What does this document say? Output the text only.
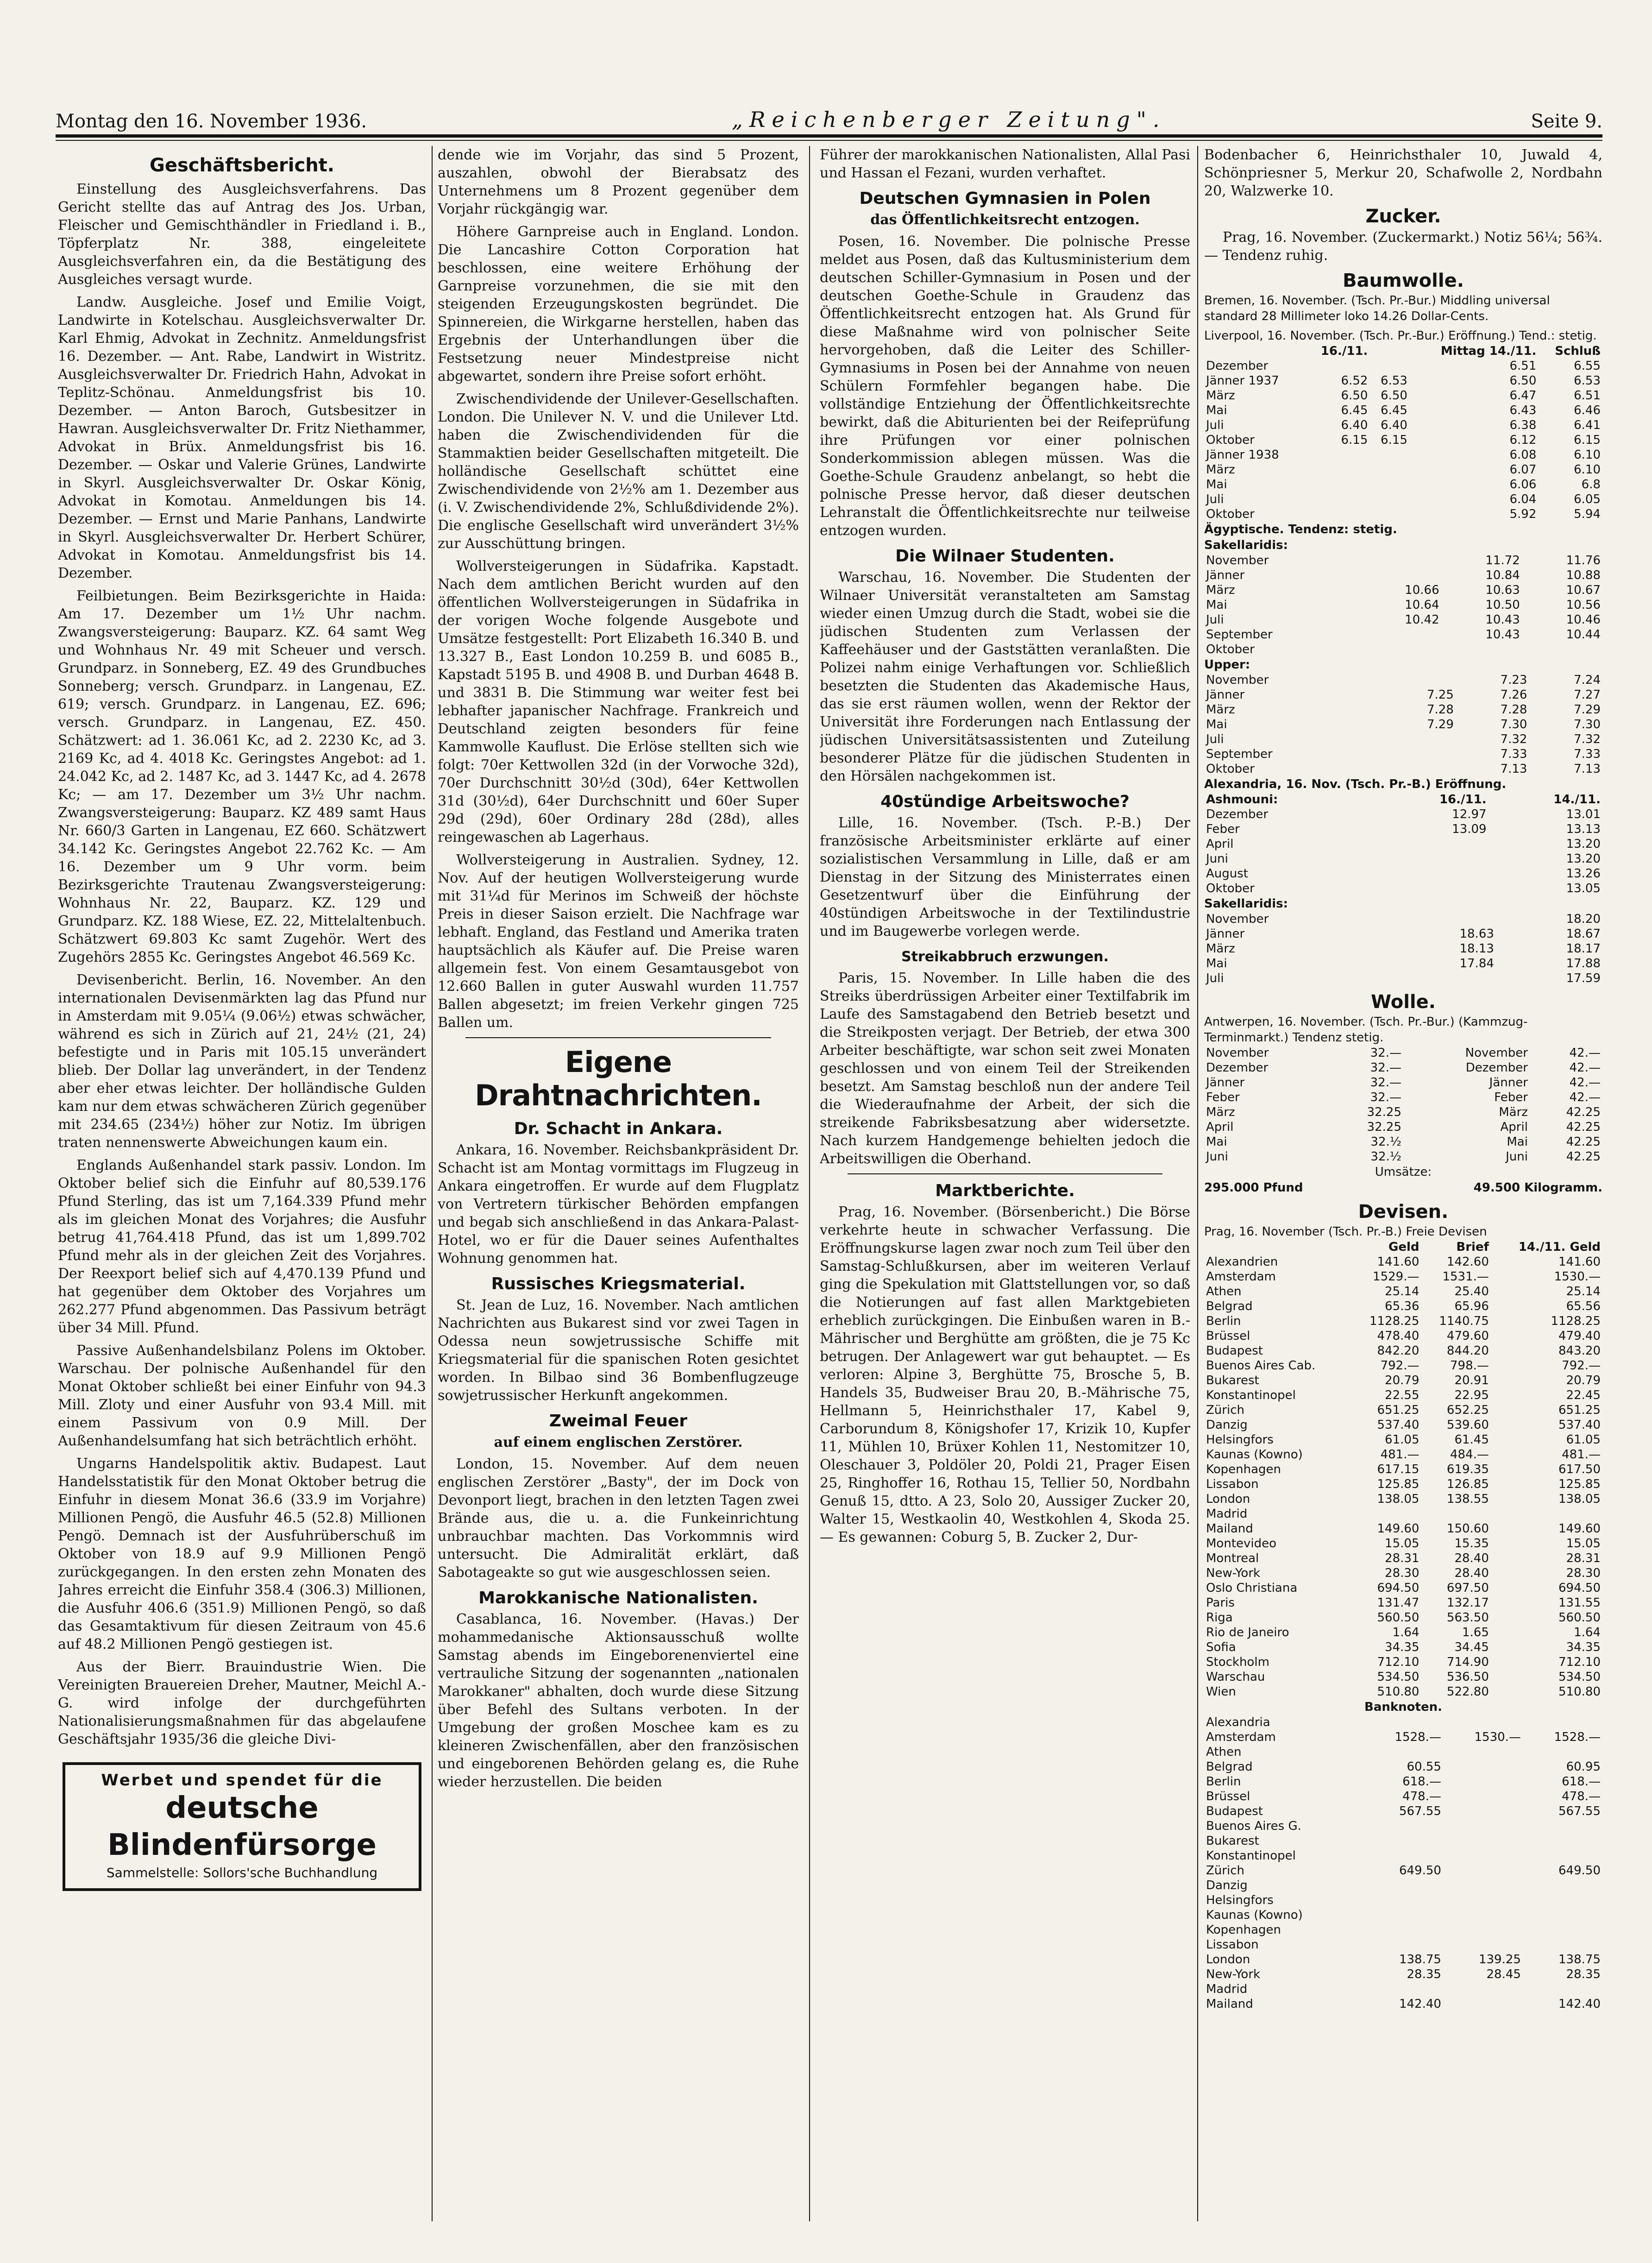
Montag den 16. November 1936.	„Reichenberger Zeitung".	Seite 9.
Geschäftsbericht.

Einstellung des Ausgleichsverfahrens. Das Gericht stellte das auf Antrag des Jos. Urban, Fleischer und Gemischthändler in Friedland i. B., Töpferplatz Nr. 388, eingeleitete Ausgleichsverfahren ein, da die Bestätigung des Ausgleiches versagt wurde.

Landw. Ausgleiche. Josef und Emilie Voigt, Landwirte in Kotelschau. Ausgleichsverwalter Dr. Karl Ehmig, Advokat in Zechnitz. Anmeldungsfrist 16. Dezember. — Ant. Rabe, Landwirt in Wistritz. Ausgleichsverwalter Dr. Friedrich Hahn, Advokat in Teplitz-Schönau. Anmeldungsfrist bis 10. Dezember. — Anton Baroch, Gutsbesitzer in Hawran. Ausgleichsverwalter Dr. Fritz Niethammer, Advokat in Brüx. Anmeldungsfrist bis 16. Dezember. — Oskar und Valerie Grünes, Landwirte in Skyrl. Ausgleichsverwalter Dr. Oskar König, Advokat in Komotau. Anmeldungen bis 14. Dezember. — Ernst und Marie Panhans, Landwirte in Skyrl. Ausgleichsverwalter Dr. Herbert Schürer, Advokat in Komotau. Anmeldungsfrist bis 14. Dezember.

Feilbietungen. Beim Bezirksgerichte in Haida: Am 17. Dezember um 1½ Uhr nachm. Zwangsversteigerung: Bauparz. KZ. 64 samt Weg und Wohnhaus Nr. 49 mit Scheuer und versch. Grundparz. in Sonneberg, EZ. 49 des Grundbuches Sonneberg; versch. Grundparz. in Langenau, EZ. 619; versch. Grundparz. in Langenau, EZ. 696; versch. Grundparz. in Langenau, EZ. 450. Schätzwert: ad 1. 36.061 Kc, ad 2. 2230 Kc, ad 3. 2169 Kc, ad 4. 4018 Kc. Geringstes Angebot: ad 1. 24.042 Kc, ad 2. 1487 Kc, ad 3. 1447 Kc, ad 4. 2678 Kc; — am 17. Dezember um 3½ Uhr nachm. Zwangsversteigerung: Bauparz. KZ 489 samt Haus Nr. 660/3 Garten in Langenau, EZ 660. Schätzwert 34.142 Kc. Geringstes Angebot 22.762 Kc. — Am 16. Dezember um 9 Uhr vorm. beim Bezirksgerichte Trautenau Zwangsversteigerung: Wohnhaus Nr. 22, Bauparz. KZ. 129 und Grundparz. KZ. 188 Wiese, EZ. 22, Mittelaltenbuch. Schätzwert 69.803 Kc samt Zugehör. Wert des Zugehörs 2855 Kc. Geringstes Angebot 46.569 Kc.

Devisenbericht. Berlin, 16. November. An den internationalen Devisenmärkten lag das Pfund nur in Amsterdam mit 9.05¼ (9.06½) etwas schwächer, während es sich in Zürich auf 21, 24½ (21, 24) befestigte und in Paris mit 105.15 unverändert blieb. Der Dollar lag unverändert, in der Tendenz aber eher etwas leichter. Der holländische Gulden kam nur dem etwas schwächeren Zürich gegenüber mit 234.65 (234½) höher zur Notiz. Im übrigen traten nennenswerte Abweichungen kaum ein.

Englands Außenhandel stark passiv. London. Im Oktober belief sich die Einfuhr auf 80,539.176 Pfund Sterling, das ist um 7,164.339 Pfund mehr als im gleichen Monat des Vorjahres; die Ausfuhr betrug 41,764.418 Pfund, das ist um 1,899.702 Pfund mehr als in der gleichen Zeit des Vorjahres. Der Reexport belief sich auf 4,470.139 Pfund und hat gegenüber dem Oktober des Vorjahres um 262.277 Pfund abgenommen. Das Passivum beträgt über 34 Mill. Pfund.

Passive Außenhandelsbilanz Polens im Oktober. Warschau. Der polnische Außenhandel für den Monat Oktober schließt bei einer Einfuhr von 94.3 Mill. Zloty und einer Ausfuhr von 93.4 Mill. mit einem Passivum von 0.9 Mill. Der Außenhandelsumfang hat sich beträchtlich erhöht.

Ungarns Handelspolitik aktiv. Budapest. Laut Handelsstatistik für den Monat Oktober betrug die Einfuhr in diesem Monat 36.6 (33.9 im Vorjahre) Millionen Pengö, die Ausfuhr 46.5 (52.8) Millionen Pengö. Demnach ist der Ausfuhrüberschuß im Oktober von 18.9 auf 9.9 Millionen Pengö zurückgegangen. In den ersten zehn Monaten des Jahres erreicht die Einfuhr 358.4 (306.3) Millionen, die Ausfuhr 406.6 (351.9) Millionen Pengö, so daß das Gesamtaktivum für diesen Zeitraum von 45.6 auf 48.2 Millionen Pengö gestiegen ist.

Aus der Bierr. Brauindustrie Wien. Die Vereinigten Brauereien Dreher, Mautner, Meichl A.-G. wird infolge der durchgeführten Nationalisierungsmaßnahmen für das abgelaufene Geschäftsjahr 1935/36 die gleiche Divi-

Werbet und spendet für die
deutsche Blindenfürsorge
Sammelstelle: Sollors'sche Buchhandlung

dende wie im Vorjahr, das sind 5 Prozent, auszahlen, obwohl der Bierabsatz des Unternehmens um 8 Prozent gegenüber dem Vorjahr rückgängig war.

Höhere Garnpreise auch in England. London. Die Lancashire Cotton Corporation hat beschlossen, eine weitere Erhöhung der Garnpreise vorzunehmen, die sie mit den steigenden Erzeugungskosten begründet. Die Spinnereien, die Wirkgarne herstellen, haben das Ergebnis der Unterhandlungen über die Festsetzung neuer Mindestpreise nicht abgewartet, sondern ihre Preise sofort erhöht.

Zwischendividende der Unilever-Gesellschaften. London. Die Unilever N. V. und die Unilever Ltd. haben die Zwischendividenden für die Stammaktien beider Gesellschaften mitgeteilt. Die holländische Gesellschaft schüttet eine Zwischendividende von 2½% am 1. Dezember aus (i. V. Zwischendividende 2%, Schlußdividende 2%). Die englische Gesellschaft wird unverändert 3½% zur Ausschüttung bringen.

Wollversteigerungen in Südafrika. Kapstadt. Nach dem amtlichen Bericht wurden auf den öffentlichen Wollversteigerungen in Südafrika in der vorigen Woche folgende Ausgebote und Umsätze festgestellt: Port Elizabeth 16.340 B. und 13.327 B., East London 10.259 B. und 6085 B., Kapstadt 5195 B. und 4908 B. und Durban 4648 B. und 3831 B. Die Stimmung war weiter fest bei lebhafter japanischer Nachfrage. Frankreich und Deutschland zeigten besonders für feine Kammwolle Kauflust. Die Erlöse stellten sich wie folgt: 70er Kettwollen 32d (in der Vorwoche 32d), 70er Durchschnitt 30½d (30d), 64er Kettwollen 31d (30½d), 64er Durchschnitt und 60er Super 29d (29d), 60er Ordinary 28d (28d), alles reingewaschen ab Lagerhaus.

Wollversteigerung in Australien. Sydney, 12. Nov. Auf der heutigen Wollversteigerung wurde mit 31¼d für Merinos im Schweiß der höchste Preis in dieser Saison erzielt. Die Nachfrage war lebhaft. England, das Festland und Amerika traten hauptsächlich als Käufer auf. Die Preise waren allgemein fest. Von einem Gesamtausgebot von 12.660 Ballen in guter Auswahl wurden 11.757 Ballen abgesetzt; im freien Verkehr gingen 725 Ballen um.

Eigene Drahtnachrichten.
Dr. Schacht in Ankara.

Ankara, 16. November. Reichsbankpräsident Dr. Schacht ist am Montag vormittags im Flugzeug in Ankara eingetroffen. Er wurde auf dem Flugplatz von Vertretern türkischer Behörden empfangen und begab sich anschließend in das Ankara-Palast-Hotel, wo er für die Dauer seines Aufenthaltes Wohnung genommen hat.

Russisches Kriegsmaterial.

St. Jean de Luz, 16. November. Nach amtlichen Nachrichten aus Bukarest sind vor zwei Tagen in Odessa neun sowjetrussische Schiffe mit Kriegsmaterial für die spanischen Roten gesichtet worden. In Bilbao sind 36 Bombenflugzeuge sowjetrussischer Herkunft angekommen.

Zweimal Feuer
auf einem englischen Zerstörer.

London, 15. November. Auf dem neuen englischen Zerstörer „Basty", der im Dock von Devonport liegt, brachen in den letzten Tagen zwei Brände aus, die u. a. die Funkeinrichtung unbrauchbar machten. Das Vorkommnis wird untersucht. Die Admiralität erklärt, daß Sabotageakte so gut wie ausgeschlossen seien.

Marokkanische Nationalisten.

Casablanca, 16. November. (Havas.) Der mohammedanische Aktionsausschuß wollte Samstag abends im Eingeborenenviertel eine vertrauliche Sitzung der sogenannten „nationalen Marokkaner" abhalten, doch wurde diese Sitzung über Befehl des Sultans verboten. In der Umgebung der großen Moschee kam es zu kleineren Zwischenfällen, aber den französischen und eingeborenen Behörden gelang es, die Ruhe wieder herzustellen. Die beiden

Führer der marokkanischen Nationalisten, Allal Pasi und Hassan el Fezani, wurden verhaftet.

Deutschen Gymnasien in Polen
das Öffentlichkeitsrecht entzogen.

Posen, 16. November. Die polnische Presse meldet aus Posen, daß das Kultusministerium dem deutschen Schiller-Gymnasium in Posen und der deutschen Goethe-Schule in Graudenz das Öffentlichkeitsrecht entzogen hat. Als Grund für diese Maßnahme wird von polnischer Seite hervorgehoben, daß die Leiter des Schiller-Gymnasiums in Posen bei der Annahme von neuen Schülern Formfehler begangen habe. Die vollständige Entziehung der Öffentlichkeitsrechte bewirkt, daß die Abiturienten bei der Reifeprüfung ihre Prüfungen vor einer polnischen Sonderkommission ablegen müssen. Was die Goethe-Schule Graudenz anbelangt, so hebt die polnische Presse hervor, daß dieser deutschen Lehranstalt die Öffentlichkeitsrechte nur teilweise entzogen wurden.

Die Wilnaer Studenten.

Warschau, 16. November. Die Studenten der Wilnaer Universität veranstalteten am Samstag wieder einen Umzug durch die Stadt, wobei sie die jüdischen Studenten zum Verlassen der Kaffeehäuser und der Gaststätten veranlaßten. Die Polizei nahm einige Verhaftungen vor. Schließlich besetzten die Studenten das Akademische Haus, das sie erst räumen wollen, wenn der Rektor der Universität ihre Forderungen nach Entlassung der jüdischen Universitätsassistenten und Zuteilung besonderer Plätze für die jüdischen Studenten in den Hörsälen nachgekommen ist.

40stündige Arbeitswoche?

Lille, 16. November. (Tsch. P.-B.) Der französische Arbeitsminister erklärte auf einer sozialistischen Versammlung in Lille, daß er am Dienstag in der Sitzung des Ministerrates einen Gesetzentwurf über die Einführung der 40stündigen Arbeitswoche in der Textilindustrie und im Baugewerbe vorlegen werde.

Streikabbruch erzwungen.

Paris, 15. November. In Lille haben die des Streiks überdrüssigen Arbeiter einer Textilfabrik im Laufe des Samstagabend den Betrieb besetzt und die Streikposten verjagt. Der Betrieb, der etwa 300 Arbeiter beschäftigte, war schon seit zwei Monaten geschlossen und von einem Teil der Streikenden besetzt. Am Samstag beschloß nun der andere Teil die Wiederaufnahme der Arbeit, der sich die streikende Fabriksbesatzung aber widersetzte. Nach kurzem Handgemenge behielten jedoch die Arbeitswilligen die Oberhand.

Marktberichte.

Prag, 16. November. (Börsenbericht.) Die Börse verkehrte heute in schwacher Verfassung. Die Eröffnungskurse lagen zwar noch zum Teil über den Samstag-Schlußkursen, aber im weiteren Verlauf ging die Spekulation mit Glattstellungen vor, so daß die Notierungen auf fast allen Marktgebieten erheblich zurückgingen. Die Einbußen waren in B.-Mährischer und Berghütte am größten, die je 75 Kc betrugen. Der Anlagewert war gut behauptet. — Es verloren: Alpine 3, Berghütte 75, Brosche 5, B. Handels 35, Budweiser Brau 20, B.-Mährische 75, Hellmann 5, Heinrichsthaler 17, Kabel 9, Carborundum 8, Königshofer 17, Krizik 10, Kupfer 11, Mühlen 10, Brüxer Kohlen 11, Nestomitzer 10, Oleschauer 3, Poldöler 20, Poldi 21, Prager Eisen 25, Ringhoffer 16, Rothau 15, Tellier 50, Nordbahn Genuß 15, dtto. A 23, Solo 20, Aussiger Zucker 20, Walter 15, Westkaolin 40, Westkohlen 4, Skoda 25. — Es gewannen: Coburg 5, B. Zucker 2, Dur-

Bodenbacher 6, Heinrichsthaler 10, Juwald 4, Schönpriesner 5, Merkur 20, Schafwolle 2, Nordbahn 20, Walzwerke 10.

Zucker.

Prag, 16. November. (Zuckermarkt.) Notiz 56¼; 56¾. — Tendenz ruhig.

Baumwolle.
Bremen, 16. November. (Tsch. Pr.-Bur.) Middling universal standard 28 Millimeter loko 14.26 Dollar-Cents.
Liverpool, 16. November. (Tsch. Pr.-Bur.) Eröffnung.) Tend.: stetig.
	16./11.		Mittag 14./11.	Schluß
Dezember			6.51	6.55
Jänner 1937	6.52	6.53	6.50	6.53
März	6.50	6.50	6.47	6.51
Mai	6.45	6.45	6.43	6.46
Juli	6.40	6.40	6.38	6.41
Oktober	6.15	6.15	6.12	6.15
Jänner 1938			6.08	6.10
März			6.07	6.10
Mai			6.06	6.8
Juli			6.04	6.05
Oktober			5.92	5.94
Ägyptische. Tendenz: stetig.
Sakellaridis:
November			11.72	11.76
Jänner			10.84	10.88
März		10.66	10.63	10.67
Mai		10.64	10.50	10.56
Juli		10.42	10.43	10.46
September			10.43	10.44
Oktober				
Upper:
November			7.23	7.24
Jänner		7.25	7.26	7.27
März		7.28	7.28	7.29
Mai		7.29	7.30	7.30
Juli			7.32	7.32
September			7.33	7.33
Oktober			7.13	7.13
Alexandria, 16. Nov. (Tsch. Pr.-B.) Eröffnung.
Ashmouni:	16./11.	14./11.
Dezember	12.97	13.01
Feber	13.09	13.13
April		13.20
Juni		13.20
August		13.26
Oktober		13.05
Sakellaridis:
November		18.20
Jänner	18.63	18.67
März	18.13	18.17
Mai	17.84	17.88
Juli		17.59
Wolle.
Antwerpen, 16. November. (Tsch. Pr.-Bur.) (Kammzug-Terminmarkt.) Tendenz stetig.
November	32.—	November	42.—
Dezember	32.—	Dezember	42.—
Jänner	32.—	Jänner	42.—
Feber	32.—	Feber	42.—
März	32.25	März	42.25
April	32.25	April	42.25
Mai	32.½	Mai	42.25
Juni	32.½	Juni	42.25
Umsätze:
295.000 Pfund	49.500 Kilogramm.
Devisen.
Prag, 16. November (Tsch. Pr.-B.) Freie Devisen
	Geld	Brief	14./11. Geld
Alexandrien	141.60	142.60	141.60
Amsterdam	1529.—	1531.—	1530.—
Athen	25.14	25.40	25.14
Belgrad	65.36	65.96	65.56
Berlin	1128.25	1140.75	1128.25
Brüssel	478.40	479.60	479.40
Budapest	842.20	844.20	843.20
Buenos Aires Cab.	792.—	798.—	792.—
Bukarest	20.79	20.91	20.79
Konstantinopel	22.55	22.95	22.45
Zürich	651.25	652.25	651.25
Danzig	537.40	539.60	537.40
Helsingfors	61.05	61.45	61.05
Kaunas (Kowno)	481.—	484.—	481.—
Kopenhagen	617.15	619.35	617.50
Lissabon	125.85	126.85	125.85
London	138.05	138.55	138.05
Madrid			
Mailand	149.60	150.60	149.60
Montevideo	15.05	15.35	15.05
Montreal	28.31	28.40	28.31
New-York	28.30	28.40	28.30
Oslo Christiana	694.50	697.50	694.50
Paris	131.47	132.17	131.55
Riga	560.50	563.50	560.50
Rio de Janeiro	1.64	1.65	1.64
Sofia	34.35	34.45	34.35
Stockholm	712.10	714.90	712.10
Warschau	534.50	536.50	534.50
Wien	510.80	522.80	510.80
Banknoten.
Alexandria			
Amsterdam	1528.—	1530.—	1528.—
Athen			
Belgrad	60.55		60.95
Berlin	618.—		618.—
Brüssel	478.—		478.—
Budapest	567.55		567.55
Buenos Aires G.			
Bukarest			
Konstantinopel			
Zürich	649.50		649.50
Danzig			
Helsingfors			
Kaunas (Kowno)			
Kopenhagen			
Lissabon			
London	138.75	139.25	138.75
New-York	28.35	28.45	28.35
Madrid			
Mailand	142.40		142.40
